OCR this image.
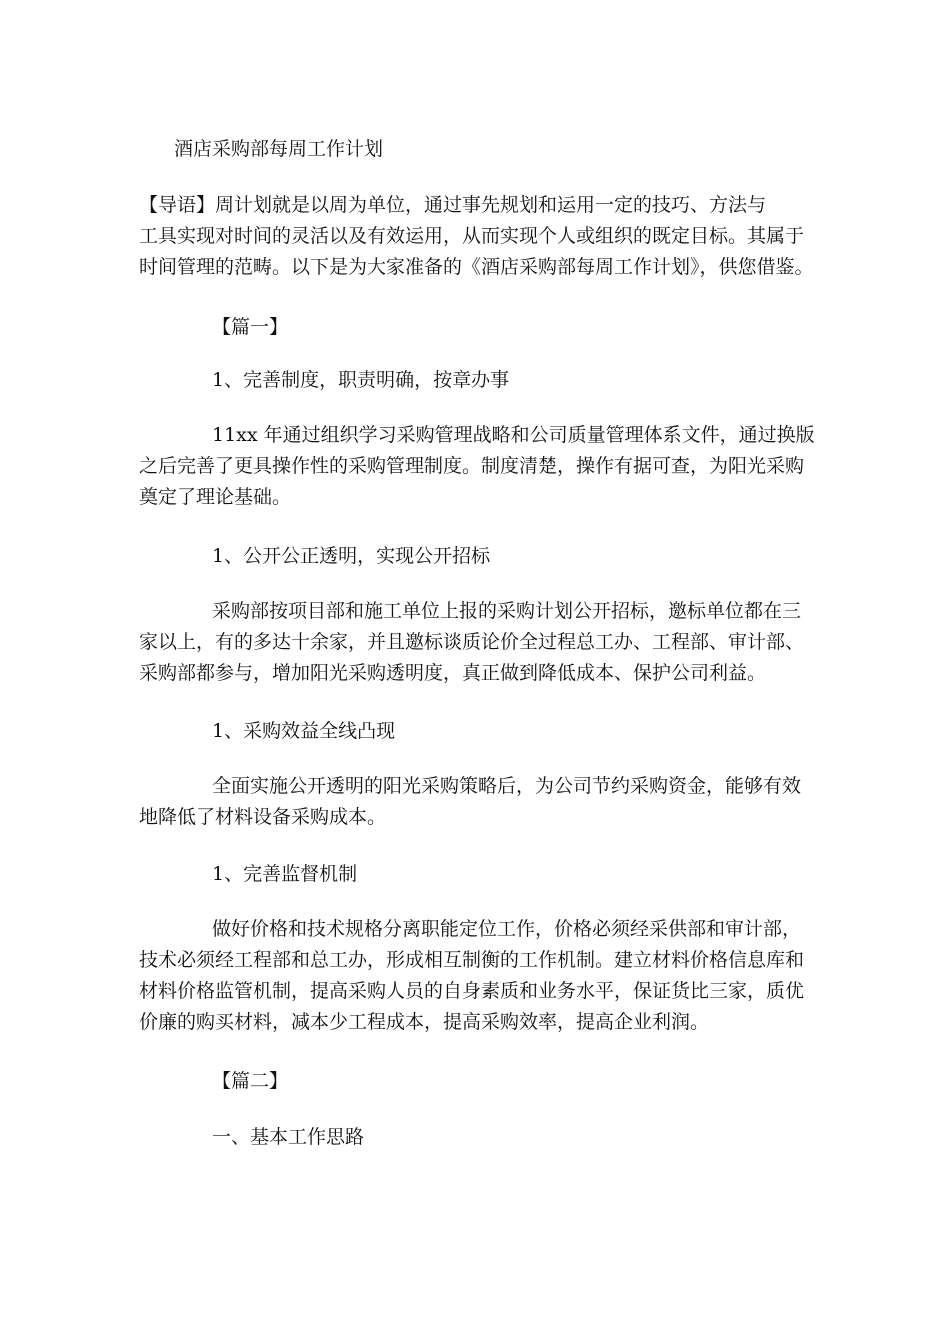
酒店采购部每周工作计划

【导语】周计划就是以周为单位，通过事先规划和运用一定的技巧、方法与
工具实现对时间的灵活以及有效运用，从而实现个人或组织的既定目标。其属于
时间管理的范畴。以下是为大家准备的《酒店采购部每周工作计划》，供您借鉴。

【篇一】

1、完善制度，职责明确，按章办事

11xx 年通过组织学习采购管理战略和公司质量管理体系文件，通过换版
之后完善了更具操作性的采购管理制度。制度清楚，操作有据可查，为阳光采购
奠定了理论基础。

1、公开公正透明，实现公开招标

采购部按项目部和施工单位上报的采购计划公开招标，邀标单位都在三
家以上，有的多达十余家，并且邀标谈质论价全过程总工办、工程部、审计部、
采购部都参与，增加阳光采购透明度，真正做到降低成本、保护公司利益。

1、采购效益全线凸现

全面实施公开透明的阳光采购策略后，为公司节约采购资金，能够有效
地降低了材料设备采购成本。

1、完善监督机制

做好价格和技术规格分离职能定位工作，价格必须经采供部和审计部，
技术必须经工程部和总工办，形成相互制衡的工作机制。建立材料价格信息库和
材料价格监管机制，提高采购人员的自身素质和业务水平，保证货比三家，质优
价廉的购买材料，减本少工程成本，提高采购效率，提高企业利润。

【篇二】

一、基本工作思路
